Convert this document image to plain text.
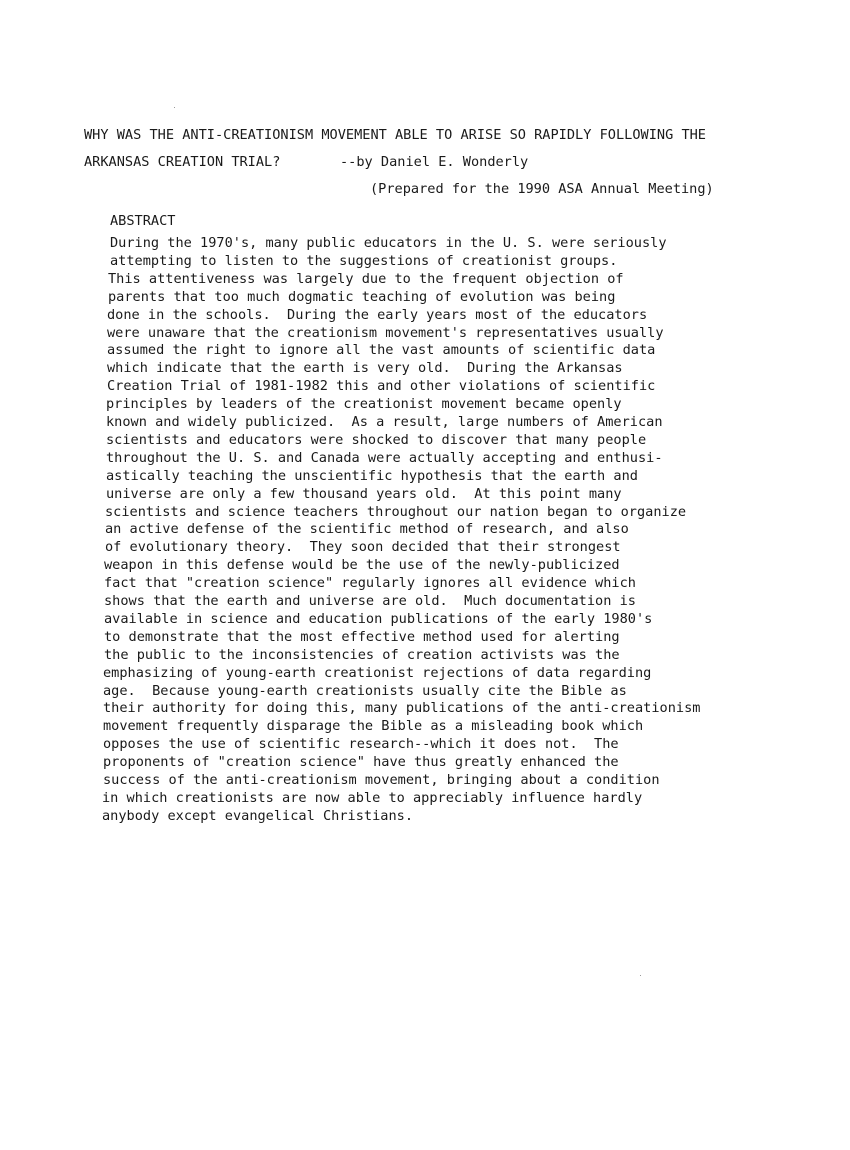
WHY WAS THE ANTI-CREATIONISM MOVEMENT ABLE TO ARISE SO RAPIDLY FOLLOWING THE
ARKANSAS CREATION TRIAL?	--by Daniel E. Wonderly
(Prepared for the 1990 ASA Annual Meeting)
ABSTRACT
During the 1970's, many public educators in the U. S. were seriously
attempting to listen to the suggestions of creationist groups.
This attentiveness was largely due to the frequent objection of
parents that too much dogmatic teaching of evolution was being
done in the schools.  During the early years most of the educators
were unaware that the creationism movement's representatives usually
assumed the right to ignore all the vast amounts of scientific data
which indicate that the earth is very old.  During the Arkansas
Creation Trial of 1981-1982 this and other violations of scientific
principles by leaders of the creationist movement became openly
known and widely publicized.  As a result, large numbers of American
scientists and educators were shocked to discover that many people
throughout the U. S. and Canada were actually accepting and enthusi-
astically teaching the unscientific hypothesis that the earth and
universe are only a few thousand years old.  At this point many
scientists and science teachers throughout our nation began to organize
an active defense of the scientific method of research, and also
of evolutionary theory.  They soon decided that their strongest
weapon in this defense would be the use of the newly-publicized
fact that "creation science" regularly ignores all evidence which
shows that the earth and universe are old.  Much documentation is
available in science and education publications of the early 1980's
to demonstrate that the most effective method used for alerting
the public to the inconsistencies of creation activists was the
emphasizing of young-earth creationist rejections of data regarding
age.  Because young-earth creationists usually cite the Bible as
their authority for doing this, many publications of the anti-creationism
movement frequently disparage the Bible as a misleading book which
opposes the use of scientific research--which it does not.  The
proponents of "creation science" have thus greatly enhanced the
success of the anti-creationism movement, bringing about a condition
in which creationists are now able to appreciably influence hardly
anybody except evangelical Christians.
